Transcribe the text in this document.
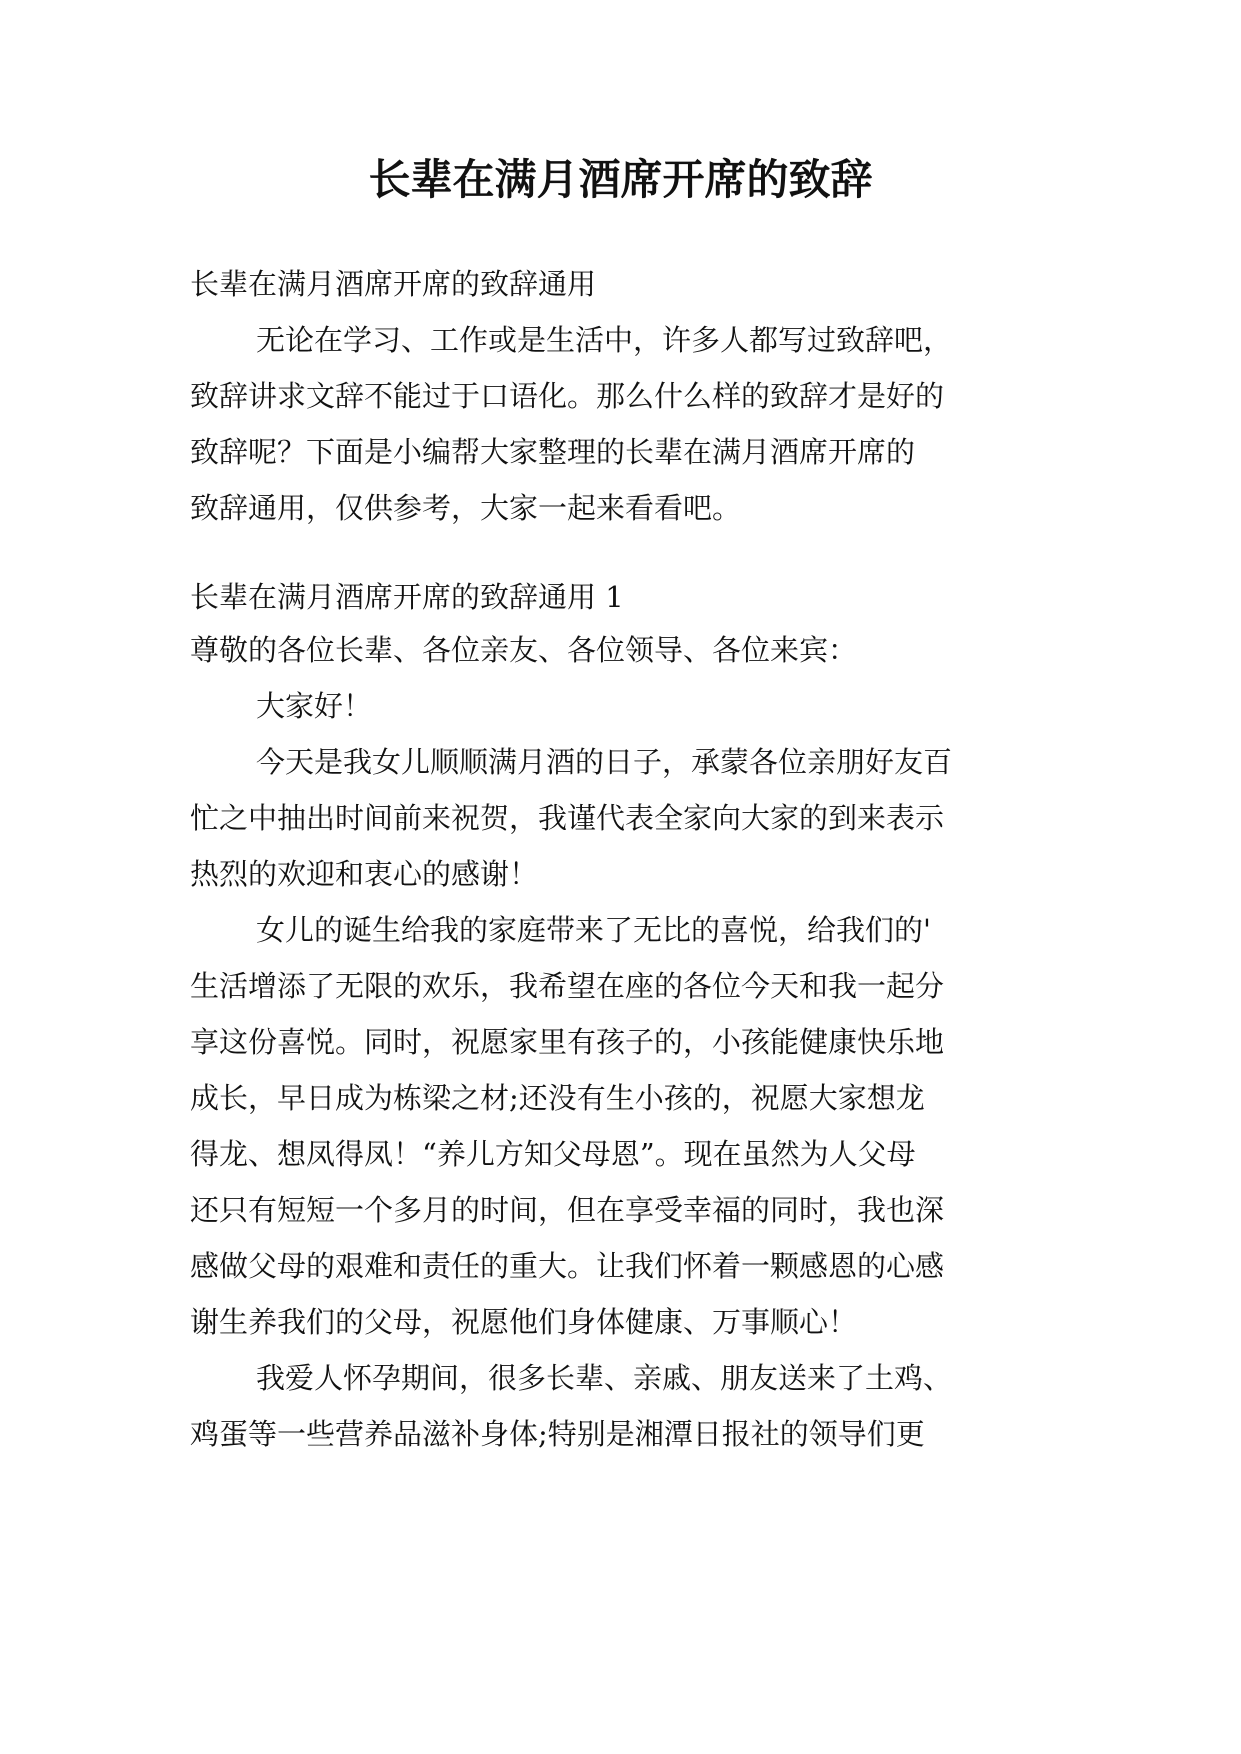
长辈在满月酒席开席的致辞

长辈在满月酒席开席的致辞通用

无论在学习、工作或是生活中，许多人都写过致辞吧，

致辞讲求文辞不能过于口语化。那么什么样的致辞才是好的

致辞呢？下面是小编帮大家整理的长辈在满月酒席开席的

致辞通用，仅供参考，大家一起来看看吧。

长辈在满月酒席开席的致辞通用 1

尊敬的各位长辈、各位亲友、各位领导、各位来宾：

大家好！

今天是我女儿顺顺满月酒的日子，承蒙各位亲朋好友百

忙之中抽出时间前来祝贺，我谨代表全家向大家的到来表示

热烈的欢迎和衷心的感谢！

女儿的诞生给我的家庭带来了无比的喜悦，给我们的'

生活增添了无限的欢乐，我希望在座的各位今天和我一起分

享这份喜悦。同时，祝愿家里有孩子的，小孩能健康快乐地

成长，早日成为栋梁之材;还没有生小孩的，祝愿大家想龙

得龙、想凤得凤！“养儿方知父母恩”。现在虽然为人父母

还只有短短一个多月的时间，但在享受幸福的同时，我也深

感做父母的艰难和责任的重大。让我们怀着一颗感恩的心感

谢生养我们的父母，祝愿他们身体健康、万事顺心！

我爱人怀孕期间，很多长辈、亲戚、朋友送来了土鸡、

鸡蛋等一些营养品滋补身体;特别是湘潭日报社的领导们更
